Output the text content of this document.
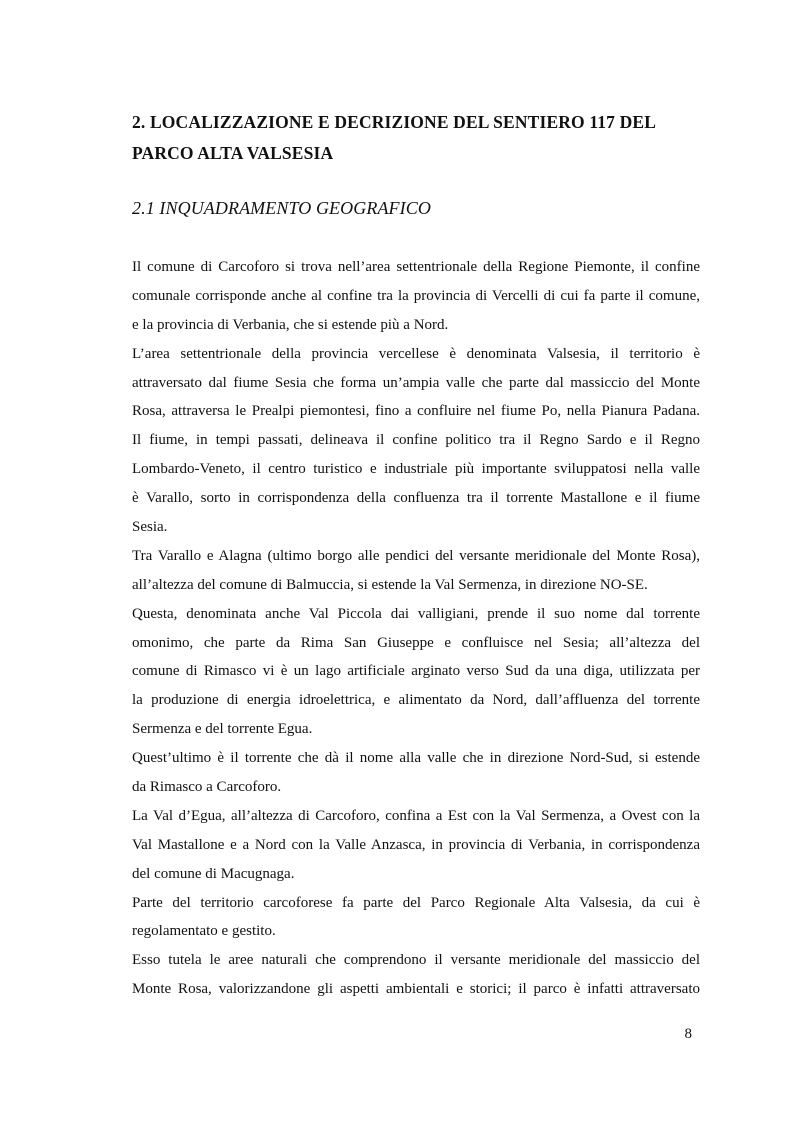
2. LOCALIZZAZIONE E DECRIZIONE DEL SENTIERO 117 DEL
PARCO ALTA VALSESIA
2.1 INQUADRAMENTO GEOGRAFICO
Il comune di Carcoforo si trova nell’area settentrionale della Regione Piemonte, il confine
comunale corrisponde anche al confine tra la provincia di Vercelli di cui fa parte il comune,
e la provincia di Verbania, che si estende più a Nord.
L’area settentrionale della provincia vercellese è denominata Valsesia, il territorio è
attraversato dal fiume Sesia che forma un’ampia valle che parte dal massiccio del Monte
Rosa, attraversa le Prealpi piemontesi, fino a confluire nel fiume Po, nella Pianura Padana.
Il fiume, in tempi passati, delineava il confine politico tra il Regno Sardo e il Regno
Lombardo-Veneto, il centro turistico e industriale più importante sviluppatosi nella valle
è Varallo, sorto in corrispondenza della confluenza tra il torrente Mastallone e il fiume
Sesia.
Tra Varallo e Alagna (ultimo borgo alle pendici del versante meridionale del Monte Rosa),
all’altezza del comune di Balmuccia, si estende la Val Sermenza, in direzione NO-SE.
Questa, denominata anche Val Piccola dai valligiani, prende il suo nome dal torrente
omonimo, che parte da Rima San Giuseppe e confluisce nel Sesia; all’altezza del
comune di Rimasco vi è un lago artificiale arginato verso Sud da una diga, utilizzata per
la produzione di energia idroelettrica, e alimentato da Nord, dall’affluenza del torrente
Sermenza e del torrente Egua.
Quest’ultimo è il torrente che dà il nome alla valle che in direzione Nord-Sud, si estende
da Rimasco a Carcoforo.
La Val d’Egua, all’altezza di Carcoforo, confina a Est con la Val Sermenza, a Ovest con la
Val Mastallone e a Nord con la Valle Anzasca, in provincia di Verbania, in corrispondenza
del comune di Macugnaga.
Parte del territorio carcoforese fa parte del Parco Regionale Alta Valsesia, da cui è
regolamentato e gestito.
Esso tutela le aree naturali che comprendono il versante meridionale del massiccio del
Monte Rosa, valorizzandone gli aspetti ambientali e storici; il parco è infatti attraversato
8
